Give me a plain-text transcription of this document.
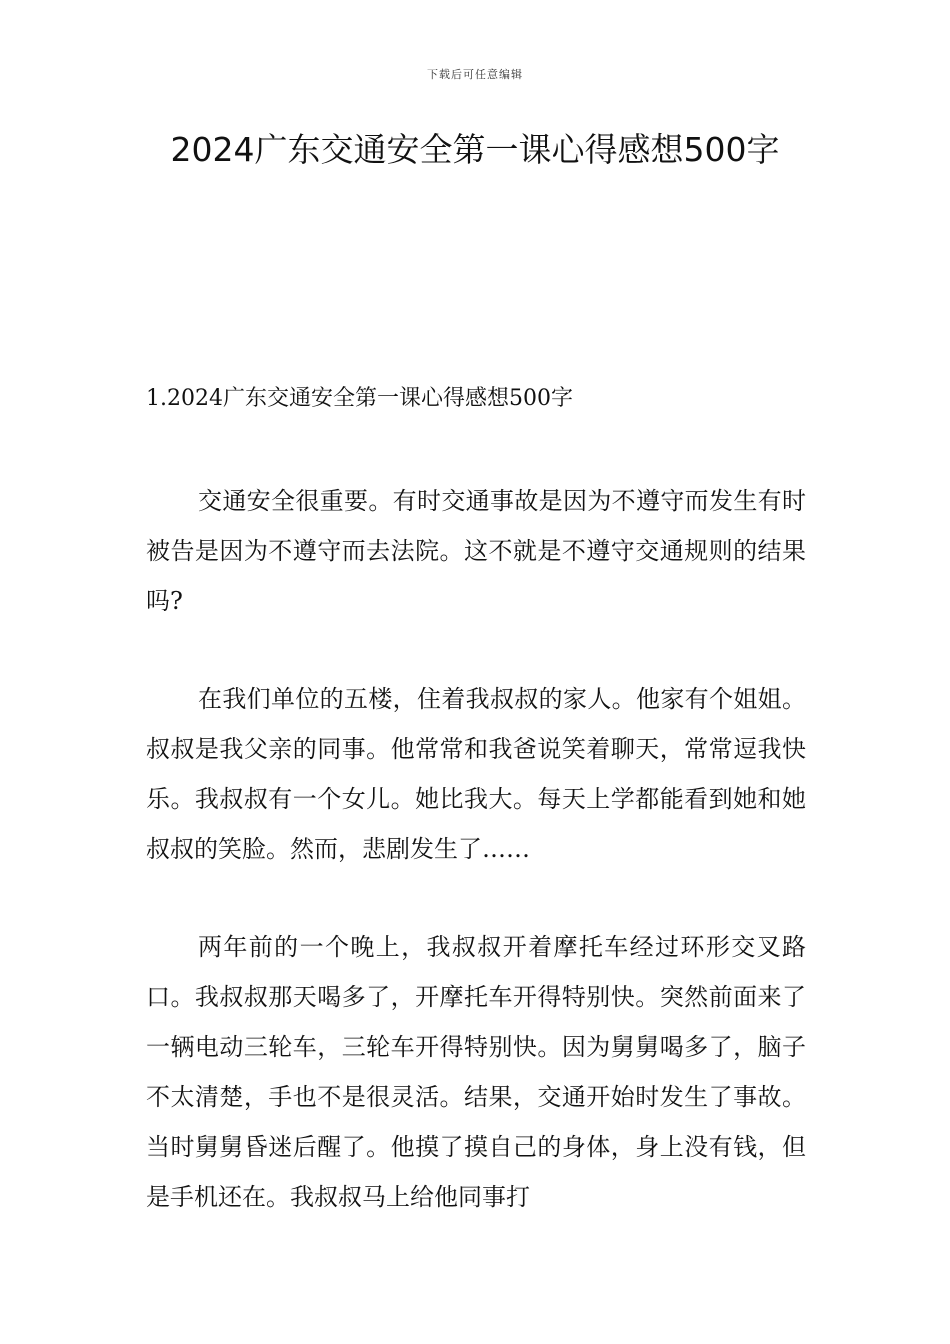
下载后可任意编辑
2024广东交通安全第一课心得感想500字
1.2024广东交通安全第一课心得感想500字

交通安全很重要。有时交通事故是因为不遵守而发生有时被告是因为不遵守而去法院。这不就是不遵守交通规则的结果吗?

在我们单位的五楼，住着我叔叔的家人。他家有个姐姐。叔叔是我父亲的同事。他常常和我爸说笑着聊天，常常逗我快乐。我叔叔有一个女儿。她比我大。每天上学都能看到她和她叔叔的笑脸。然而，悲剧发生了……

两年前的一个晚上，我叔叔开着摩托车经过环形交叉路口。我叔叔那天喝多了，开摩托车开得特别快。突然前面来了一辆电动三轮车，三轮车开得特别快。因为舅舅喝多了，脑子不太清楚，手也不是很灵活。结果，交通开始时发生了事故。当时舅舅昏迷后醒了。他摸了摸自己的身体，身上没有钱，但是手机还在。我叔叔马上给他同事打
